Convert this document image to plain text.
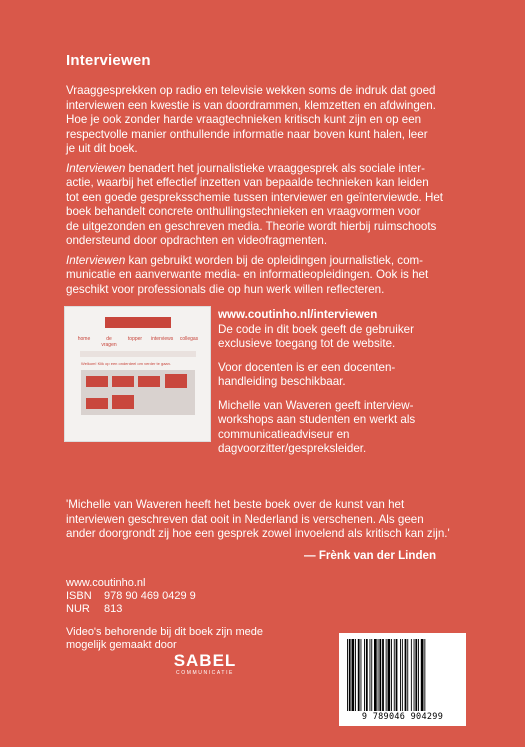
Interviewen

Vraaggesprekken op radio en televisie wekken soms de indruk dat goed
interviewen een kwestie is van doordrammen, klemzetten en afdwingen.
Hoe je ook zonder harde vraagtechnieken kritisch kunt zijn en op een
respectvolle manier onthullende informatie naar boven kunt halen, leer
je uit dit boek.

Interviewen benadert het journalistieke vraaggesprek als sociale inter-
actie, waarbij het effectief inzetten van bepaalde technieken kan leiden
tot een goede gespreksschemie tussen interviewer en geïnterviewde. Het
boek behandelt concrete onthullingstechnieken en vraagvormen voor
de uitgezonden en geschreven media. Theorie wordt hierbij ruimschoots
ondersteund door opdrachten en videofragmenten.

Interviewen kan gebruikt worden bij de opleidingen journalistiek, com-
municatie en aanverwante media- en informatieopleidingen. Ook is het
geschikt voor professionals die op hun werk willen reflecteren.

home	de vragen
topper	interviews	collegas
Welkom! Klik op een onderdeel om verder te gaan.

www.coutinho.nl/interviewen

De code in dit boek geeft de gebruiker exclusieve toegang tot de website.

Voor docenten is er een docenten-handleiding beschikbaar.

Michelle van Waveren geeft interview-workshops aan studenten en werkt als communicatieadviseur en dagvoorzitter/gespreksleider.

'Michelle van Waveren heeft het beste boek over de kunst van het interviewen geschreven dat ooit in Nederland is verschenen. Als geen ander doorgrondt zij hoe een gesprek zowel invoelend als kritisch kan zijn.'
— Frènk van der Linden
www.coutinho.nl
ISBN	978 90 469 0429 9
NUR	813
Video's behorende bij dit boek zijn mede mogelijk gemaakt door
SABEL
COMMUNICATIE
9 789046 904299
